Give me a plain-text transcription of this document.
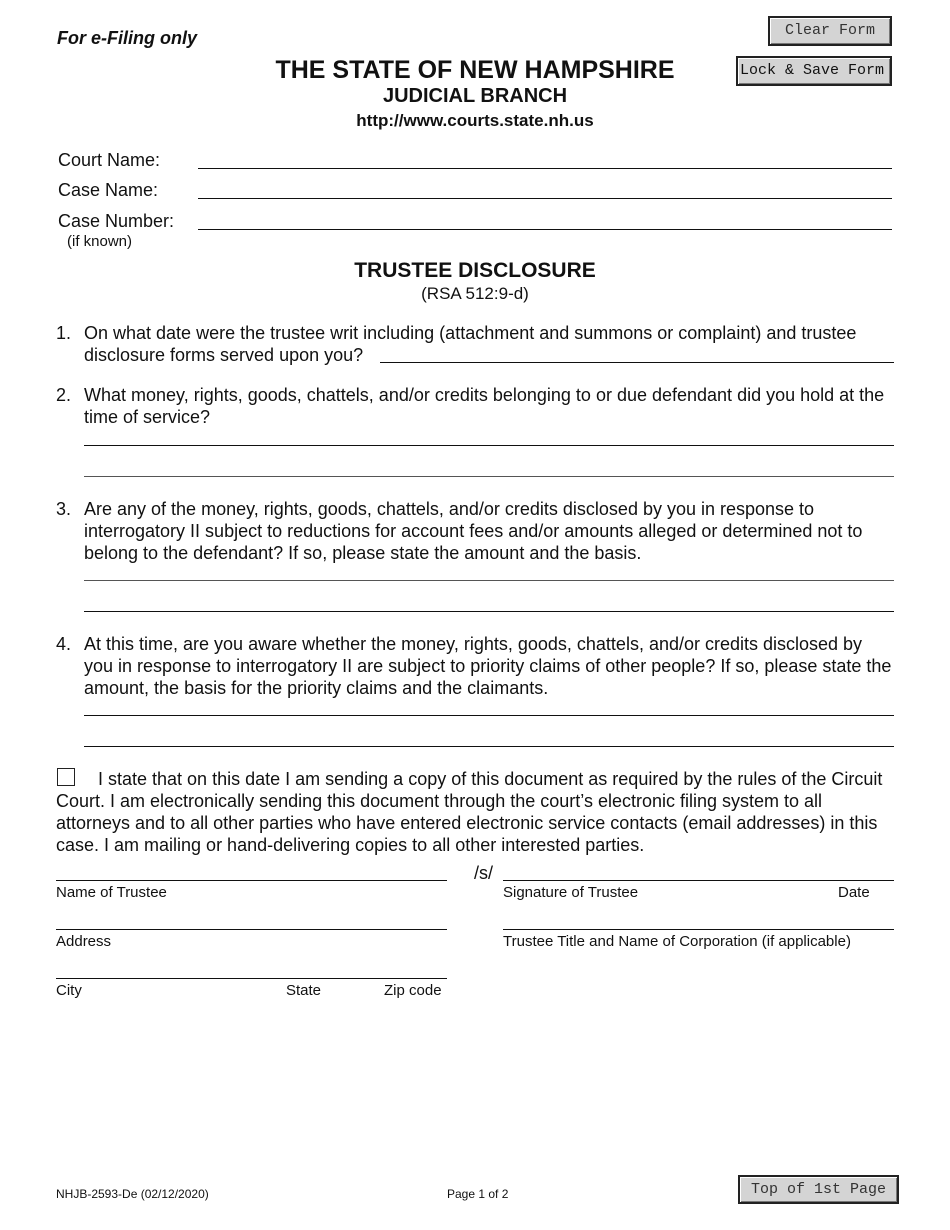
For e-Filing only
THE STATE OF NEW HAMPSHIRE
JUDICIAL BRANCH
http://www.courts.state.nh.us
Clear Form
Lock & Save Form
Court Name:
Case Name:
Case Number:
(if known)
TRUSTEE DISCLOSURE
(RSA 512:9-d)
1. On what date were the trustee writ including (attachment and summons or complaint) and trustee disclosure forms served upon you?
2. What money, rights, goods, chattels, and/or credits belonging to or due defendant did you hold at the time of service?
3. Are any of the money, rights, goods, chattels, and/or credits disclosed by you in response to interrogatory II subject to reductions for account fees and/or amounts alleged or determined not to belong to the defendant? If so, please state the amount and the basis.
4. At this time, are you aware whether the money, rights, goods, chattels, and/or credits disclosed by you in response to interrogatory II are subject to priority claims of other people? If so, please state the amount, the basis for the priority claims and the claimants.
I state that on this date I am sending a copy of this document as required by the rules of the Circuit Court. I am electronically sending this document through the court’s electronic filing system to all attorneys and to all other parties who have entered electronic service contacts (email addresses) in this case. I am mailing or hand-delivering copies to all other interested parties.
Name of Trustee
/s/
Signature of Trustee	Date
Address	Trustee Title and Name of Corporation (if applicable)
City	State	Zip code
NHJB-2593-De (02/12/2020)	Page 1 of 2	Top of 1st Page
